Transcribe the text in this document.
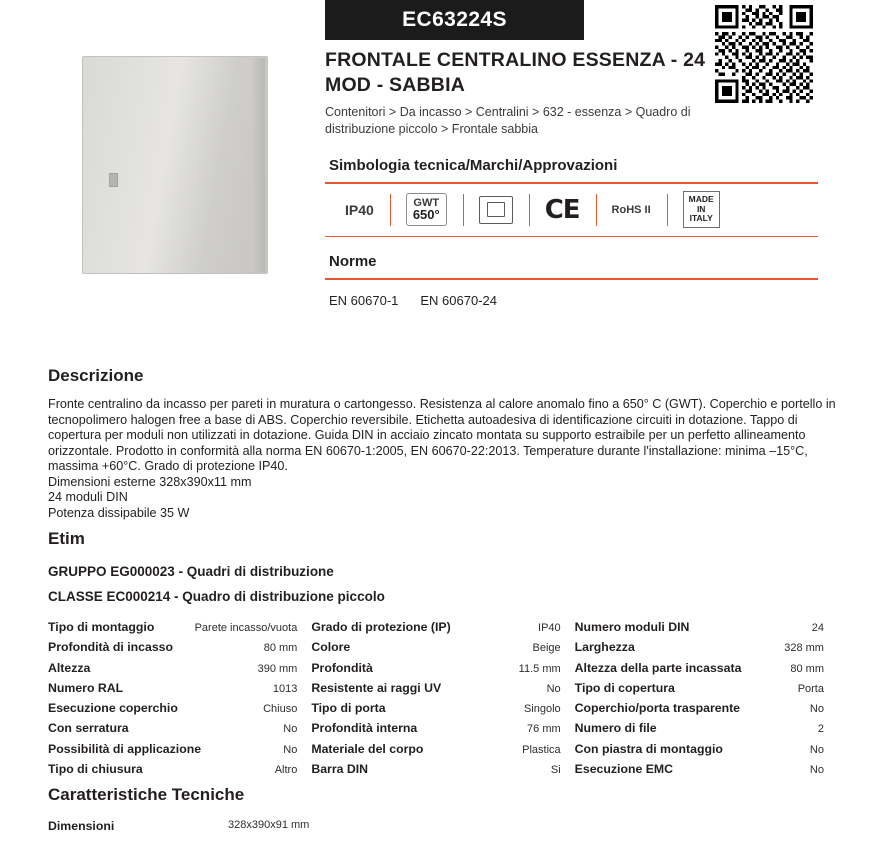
EC63224S
FRONTALE CENTRALINO ESSENZA - 24 MOD - SABBIA
Contenitori > Da incasso > Centralini > 632 - essenza > Quadro di distribuzione piccolo > Frontale sabbia
Simbologia tecnica/Marchi/Approvazioni
IP40	GWT
650°	CE	RoHS II
MADE
IN
ITALY
Norme
EN 60670-1 EN 60670-24
Descrizione

Fronte centralino da incasso per pareti in muratura o cartongesso. Resistenza al calore anomalo fino a 650° C (GWT). Coperchio e portello in tecnopolimero halogen free a base di ABS. Coperchio reversibile. Etichetta autoadesiva di identificazione circuiti in dotazione. Tappo di copertura per moduli non utilizzati in dotazione. Guida DIN in acciaio zincato montata su supporto estraibile per un perfetto allineamento orizzontale. Prodotto in conformità alla norma EN 60670-1:2005, EN 60670-22:2013. Temperature durante l'installazione: minima –15°C, massima +60°C. Grado di protezione IP40.

Dimensioni esterne 328x390x11 mm

24 moduli DIN

Potenza dissipabile 35 W

Etim
GRUPPO EG000023 - Quadri di distribuzione
CLASSE EC000214 - Quadro di distribuzione piccolo
Tipo di montaggio	Parete incasso/vuota
Profondità di incasso	80 mm
Altezza	390 mm
Numero RAL	1013
Esecuzione coperchio	Chiuso
Con serratura	No
Possibilità di applicazione	No
Tipo di chiusura	Altro
Grado di protezione (IP)	IP40
Colore	Beige
Profondità	11.5 mm
Resistente ai raggi UV	No
Tipo di porta	Singolo
Profondità interna	76 mm
Materiale del corpo	Plastica
Barra DIN	Si
Numero moduli DIN	24
Larghezza	328 mm
Altezza della parte incassata	80 mm
Tipo di copertura	Porta
Coperchio/porta trasparente	No
Numero di file	2
Con piastra di montaggio	No
Esecuzione EMC	No
Caratteristiche Tecniche
Dimensioni	328x390x91 mm
